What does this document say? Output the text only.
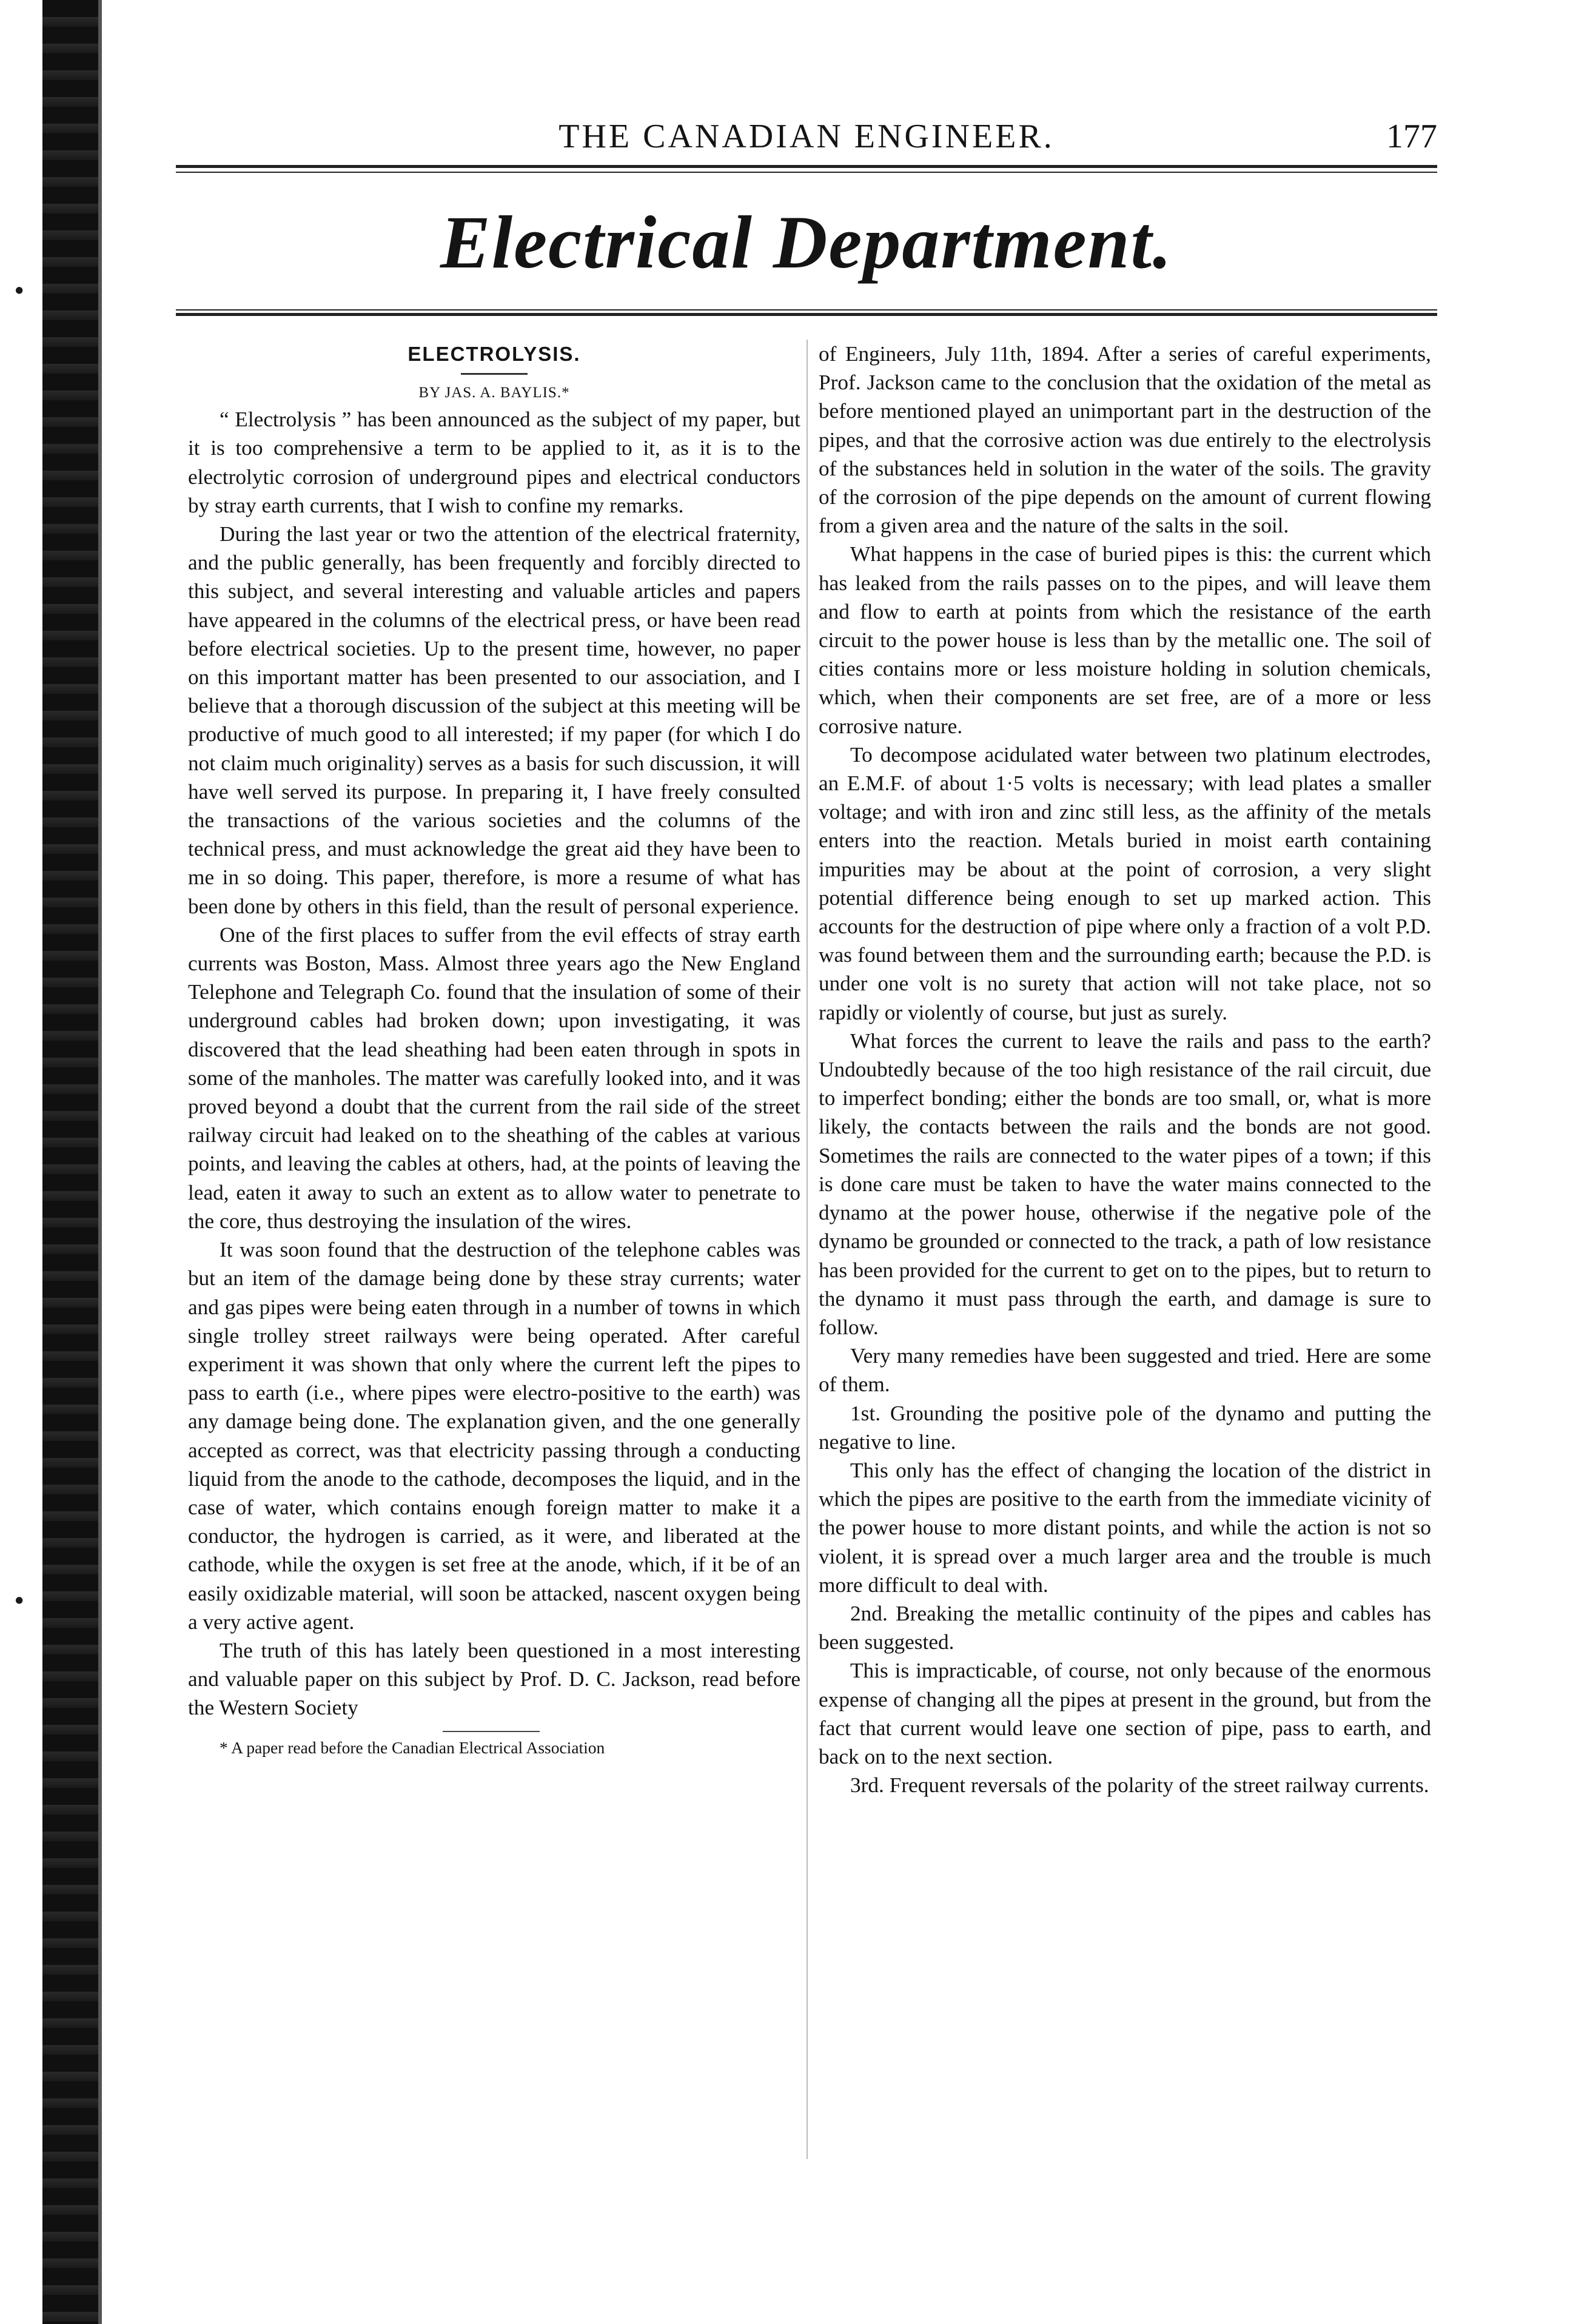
·
·
THE CANADIAN ENGINEER.	177
Electrical Department.
ELECTROLYSIS.
BY JAS. A. BAYLIS.*

“ Electrolysis ” has been announced as the subject of my paper, but it is too comprehensive a term to be applied to it, as it is to the electrolytic corrosion of underground pipes and electrical conductors by stray earth currents, that I wish to confine my remarks.

During the last year or two the attention of the electrical fraternity, and the public generally, has been frequently and forcibly directed to this subject, and several interesting and valuable articles and papers have appeared in the columns of the electrical press, or have been read before electrical societies. Up to the present time, however, no paper on this important matter has been presented to our association, and I believe that a thorough discussion of the subject at this meeting will be productive of much good to all interested; if my paper (for which I do not claim much originality) serves as a basis for such discussion, it will have well served its purpose. In preparing it, I have freely consulted the transactions of the various societies and the columns of the technical press, and must acknowledge the great aid they have been to me in so doing. This paper, therefore, is more a resume of what has been done by others in this field, than the result of personal experience.

One of the first places to suffer from the evil effects of stray earth currents was Boston, Mass. Almost three years ago the New England Telephone and Telegraph Co. found that the insulation of some of their underground cables had broken down; upon investigating, it was discovered that the lead sheathing had been eaten through in spots in some of the manholes. The matter was carefully looked into, and it was proved beyond a doubt that the current from the rail side of the street railway circuit had leaked on to the sheathing of the cables at various points, and leaving the cables at others, had, at the points of leaving the lead, eaten it away to such an extent as to allow water to penetrate to the core, thus destroying the insulation of the wires.

It was soon found that the destruction of the telephone cables was but an item of the damage being done by these stray currents; water and gas pipes were being eaten through in a number of towns in which single trolley street railways were being operated. After careful experiment it was shown that only where the current left the pipes to pass to earth (i.e., where pipes were electro-positive to the earth) was any damage being done. The explanation given, and the one generally accepted as correct, was that electricity passing through a conducting liquid from the anode to the cathode, decomposes the liquid, and in the case of water, which contains enough foreign matter to make it a conductor, the hydrogen is carried, as it were, and liberated at the cathode, while the oxygen is set free at the anode, which, if it be of an easily oxidizable material, will soon be attacked, nascent oxygen being a very active agent.

The truth of this has lately been questioned in a most interesting and valuable paper on this subject by Prof. D. C. Jackson, read before the Western Society

* A paper read before the Canadian Electrical Association

of Engineers, July 11th, 1894. After a series of careful experiments, Prof. Jackson came to the conclusion that the oxidation of the metal as before mentioned played an unimportant part in the destruction of the pipes, and that the corrosive action was due entirely to the electrolysis of the substances held in solution in the water of the soils. The gravity of the corrosion of the pipe depends on the amount of current flowing from a given area and the nature of the salts in the soil.

What happens in the case of buried pipes is this: the current which has leaked from the rails passes on to the pipes, and will leave them and flow to earth at points from which the resistance of the earth circuit to the power house is less than by the metallic one. The soil of cities contains more or less moisture holding in solution chemicals, which, when their components are set free, are of a more or less corrosive nature.

To decompose acidulated water between two platinum electrodes, an E.M.F. of about 1·5 volts is necessary; with lead plates a smaller voltage; and with iron and zinc still less, as the affinity of the metals enters into the reaction. Metals buried in moist earth containing impurities may be about at the point of corrosion, a very slight potential difference being enough to set up marked action. This accounts for the destruction of pipe where only a fraction of a volt P.D. was found between them and the surrounding earth; because the P.D. is under one volt is no surety that action will not take place, not so rapidly or violently of course, but just as surely.

What forces the current to leave the rails and pass to the earth? Undoubtedly because of the too high resistance of the rail circuit, due to imperfect bonding; either the bonds are too small, or, what is more likely, the contacts between the rails and the bonds are not good. Sometimes the rails are connected to the water pipes of a town; if this is done care must be taken to have the water mains connected to the dynamo at the power house, otherwise if the negative pole of the dynamo be grounded or connected to the track, a path of low resistance has been provided for the current to get on to the pipes, but to return to the dynamo it must pass through the earth, and damage is sure to follow.

Very many remedies have been suggested and tried. Here are some of them.

1st. Grounding the positive pole of the dynamo and putting the negative to line.

This only has the effect of changing the location of the district in which the pipes are positive to the earth from the immediate vicinity of the power house to more distant points, and while the action is not so violent, it is spread over a much larger area and the trouble is much more difficult to deal with.

2nd. Breaking the metallic continuity of the pipes and cables has been suggested.

This is impracticable, of course, not only because of the enormous expense of changing all the pipes at present in the ground, but from the fact that current would leave one section of pipe, pass to earth, and back on to the next section.

3rd. Frequent reversals of the polarity of the street railway currents.
